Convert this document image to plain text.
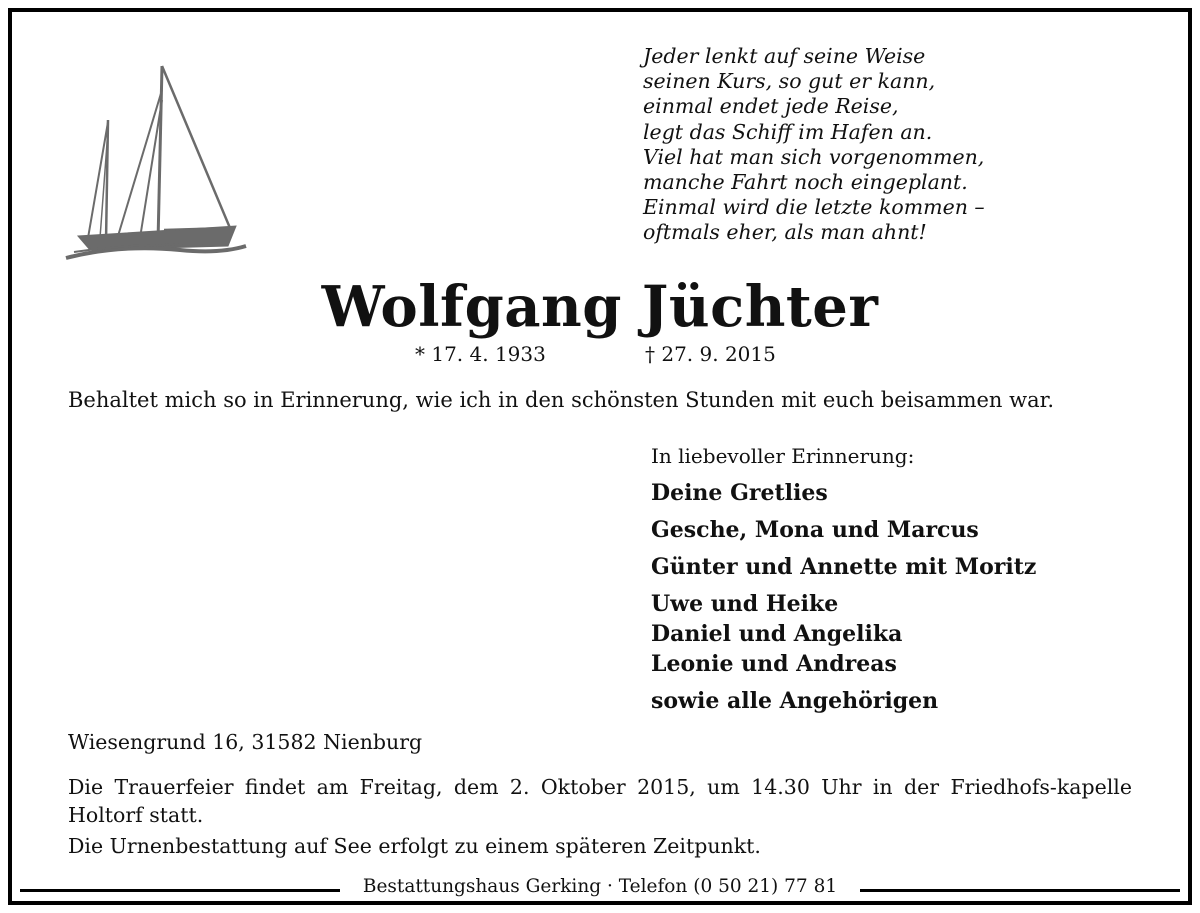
Jeder lenkt auf seine Weise
seinen Kurs, so gut er kann,
einmal endet jede Reise,
legt das Schiff im Hafen an.
Viel hat man sich vorgenommen,
manche Fahrt noch eingeplant.
Einmal wird die letzte kommen –
oftmals eher, als man ahnt!
Wolfgang Jüchter
* 17. 4. 1933	† 27. 9. 2015
Behaltet mich so in Erinnerung, wie ich in den schönsten Stunden mit euch beisammen war.
In liebevoller Erinnerung:
Deine Gretlies
Gesche, Mona und Marcus
Günter und Annette mit Moritz
Uwe und Heike
Daniel und Angelika
Leonie und Andreas
sowie alle Angehörigen
Wiesengrund 16, 31582 Nienburg
Die Trauerfeier findet am Freitag, dem 2. Oktober 2015, um 14.30 Uhr in der Friedhofs-kapelle Holtorf statt.
Die Urnenbestattung auf See erfolgt zu einem späteren Zeitpunkt.
Bestattungshaus Gerking · Telefon (0 50 21) 77 81
